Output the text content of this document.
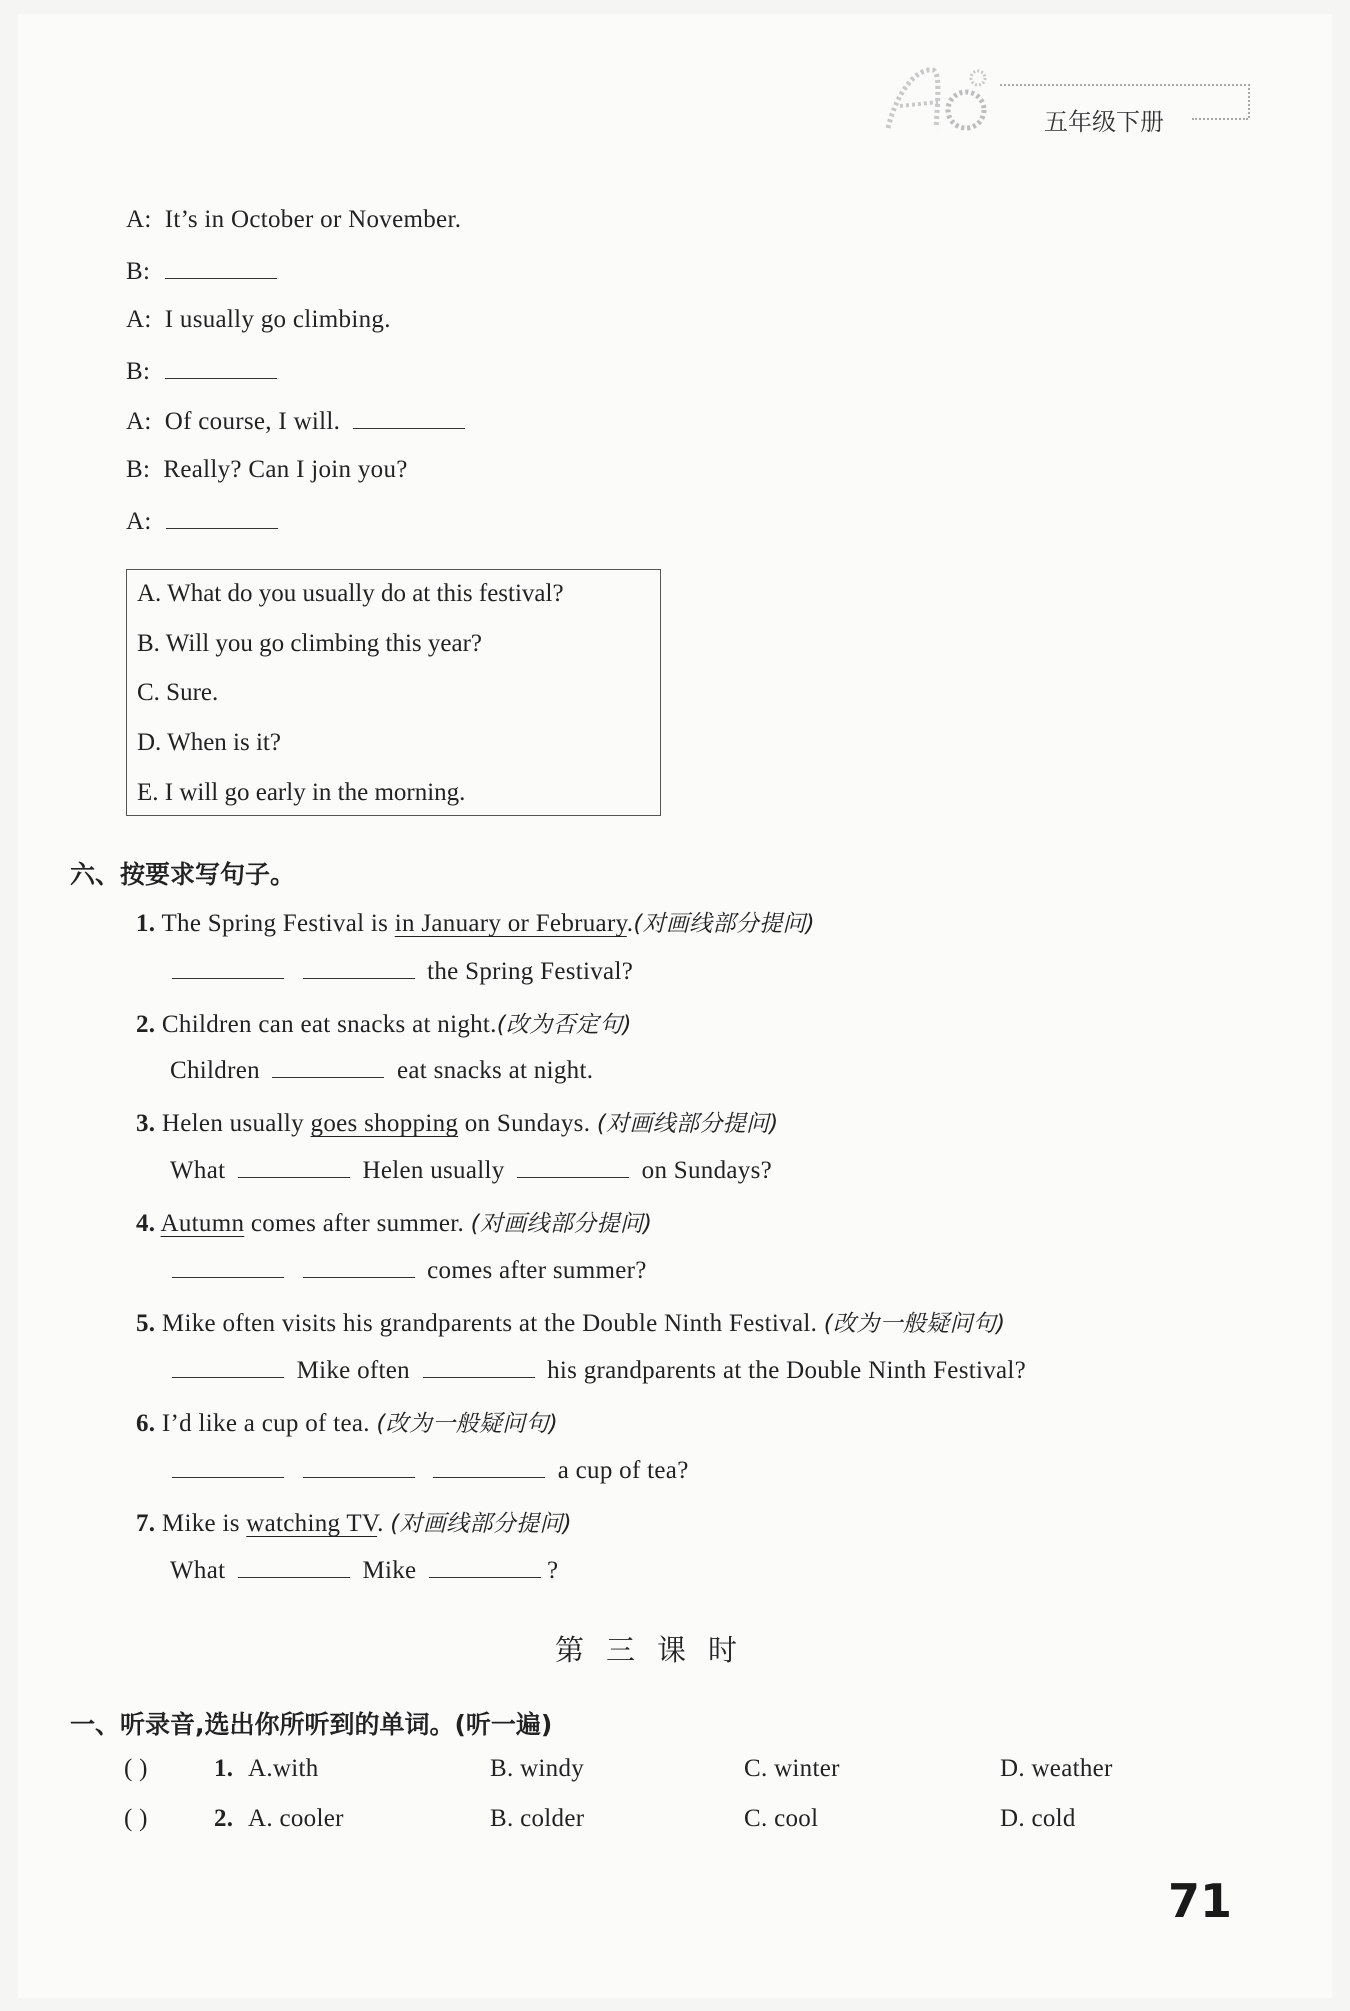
五年级下册
A: It’s in October or November.
B:
A: I usually go climbing.
B:
A: Of course, I will.
B: Really? Can I join you?
A:
A. What do you usually do at this festival?
B. Will you go climbing this year?
C. Sure.
D. When is it?
E. I will go early in the morning.
六、按要求写句子。
1. The Spring Festival is in January or February.(对画线部分提问)
the Spring Festival?
2. Children can eat snacks at night.(改为否定句)
Children	eat snacks at night.
3. Helen usually goes shopping on Sundays. (对画线部分提问)
What	Helen usually	on Sundays?
4. Autumn comes after summer. (对画线部分提问)
comes after summer?
5. Mike often visits his grandparents at the Double Ninth Festival. (改为一般疑问句)
Mike often	his grandparents at the Double Ninth Festival?
6. I’d like a cup of tea. (改为一般疑问句)
a cup of tea?
7. Mike is watching TV. (对画线部分提问)
What	Mike	?
第三课时
一、听录音,选出你所听到的单词。(听一遍)
( )	1. A.with	B. windy	C. winter	D. weather
( )	2. A. cooler	B. colder	C. cool	D. cold
71
